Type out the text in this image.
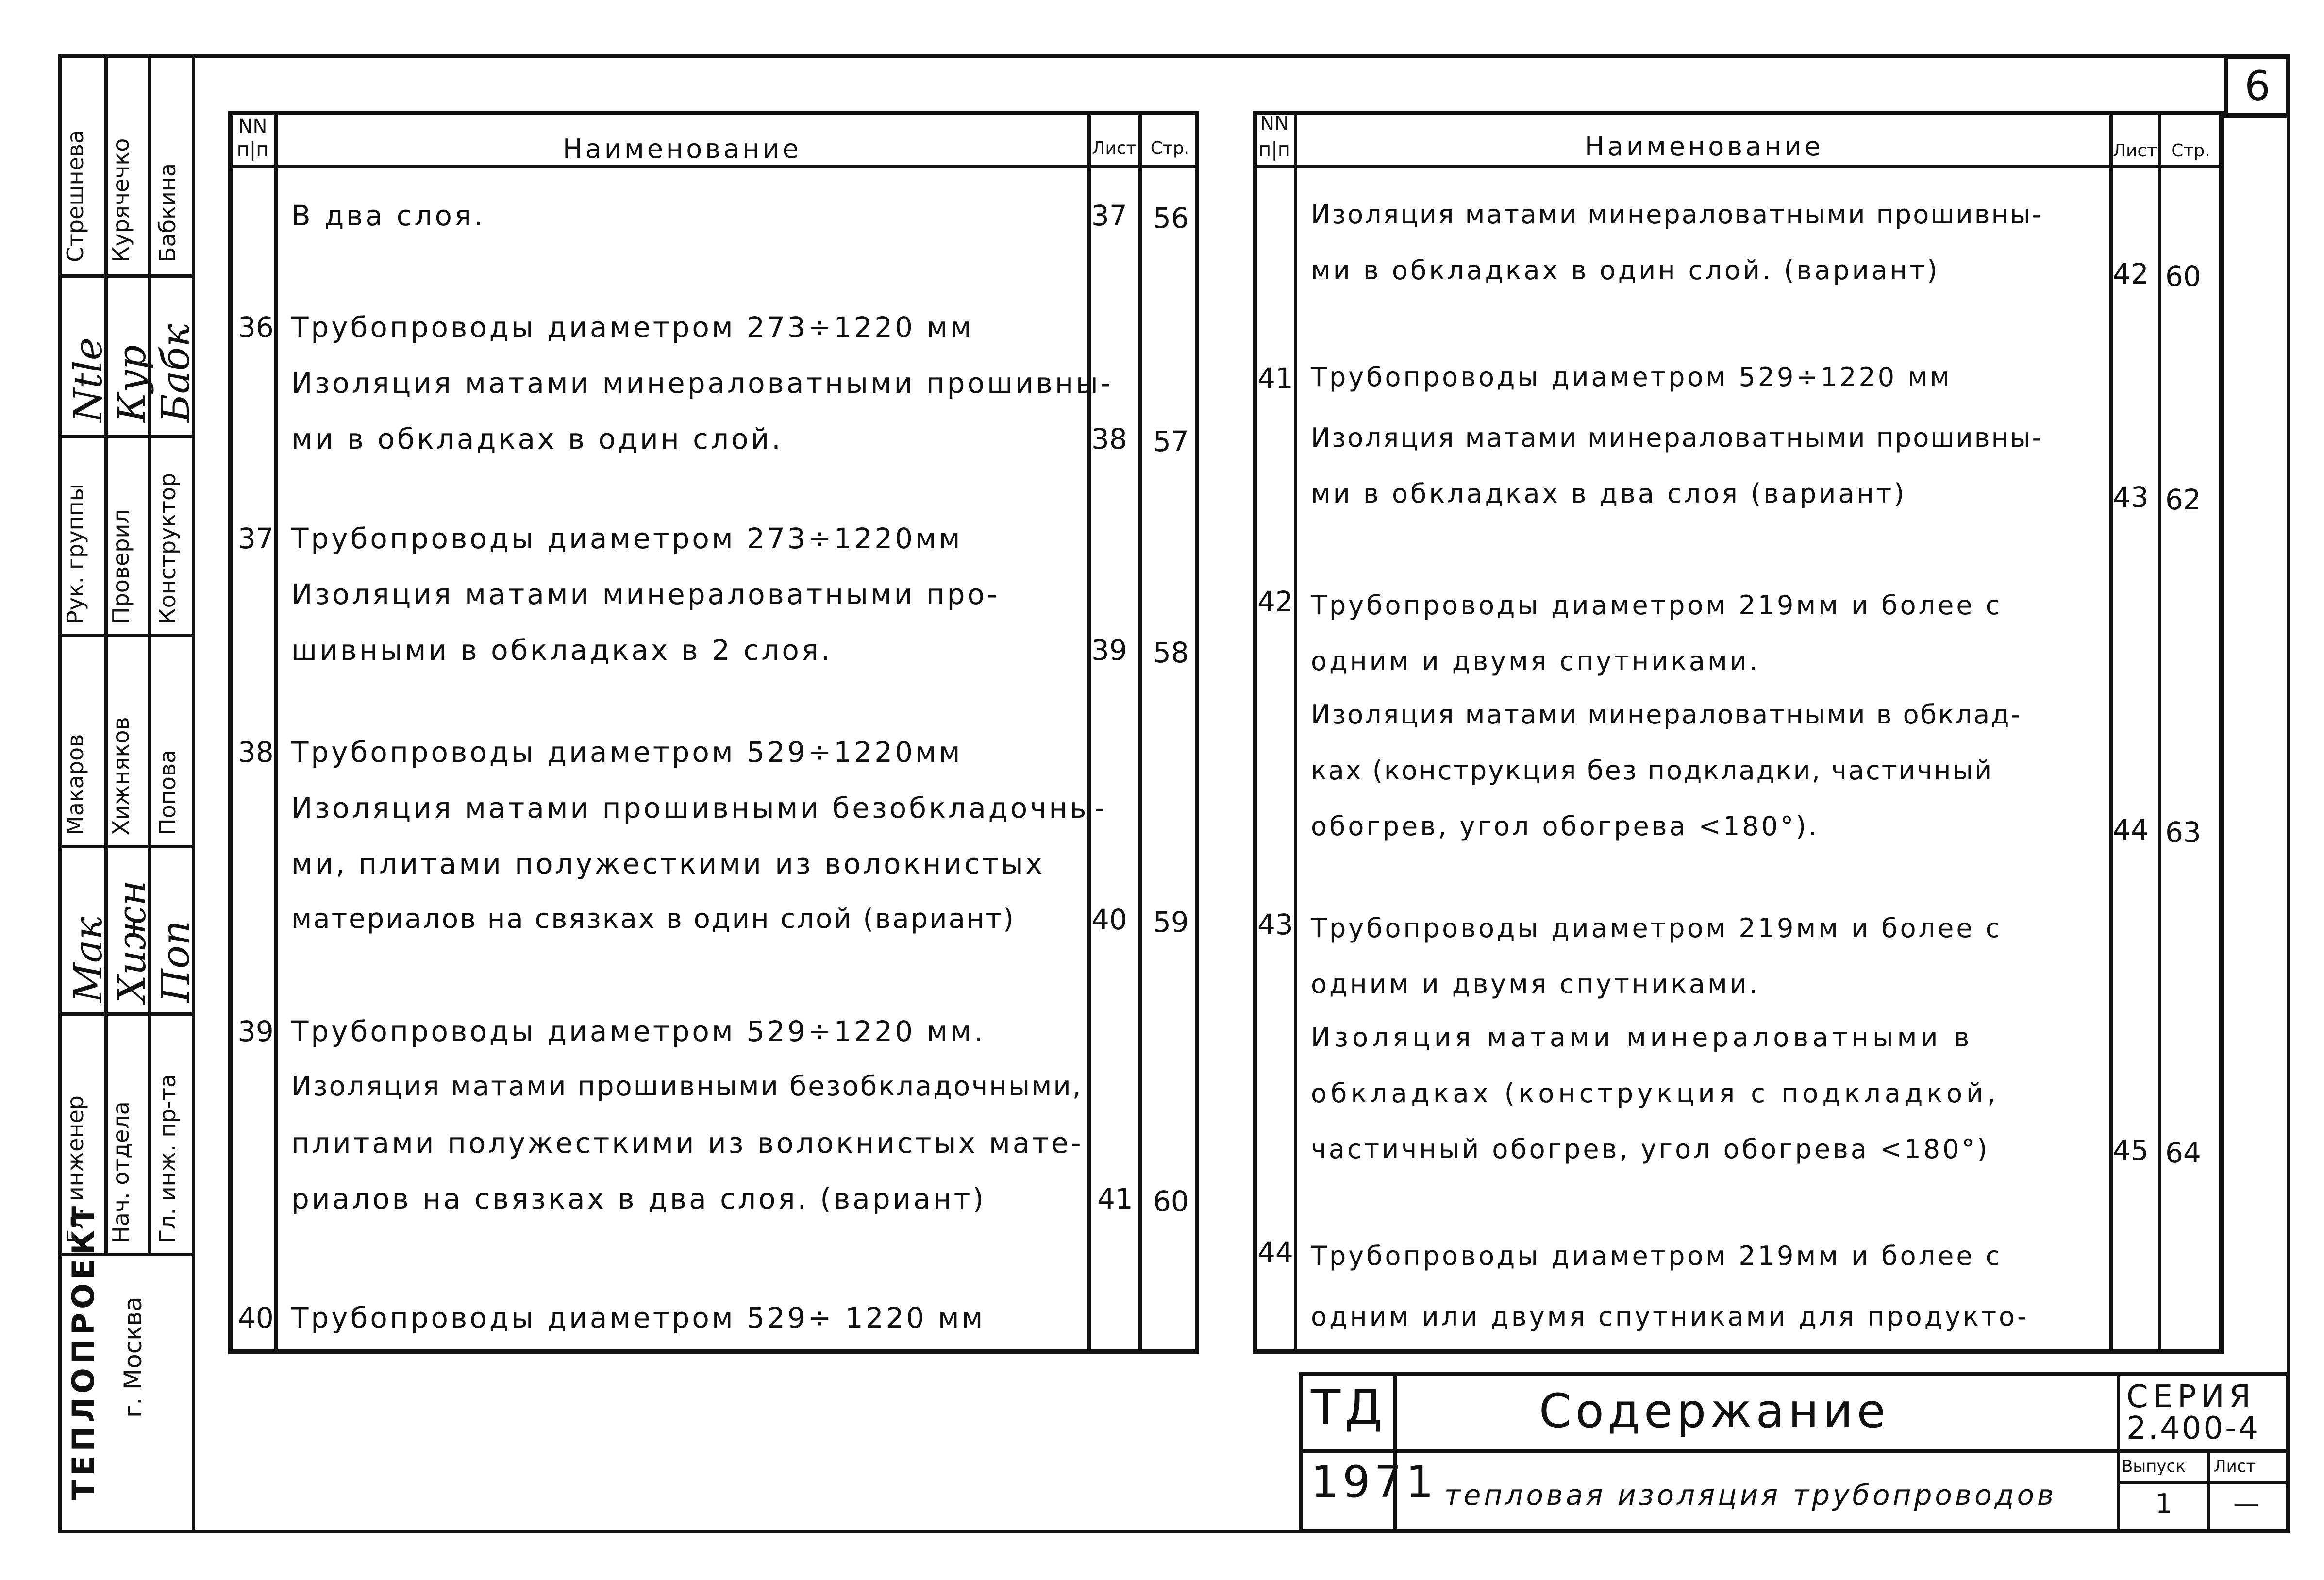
6
Стрешнева Курячечко Бабкина
Ntle
Кур
Бабк
Рук. группы Проверил Конструктор
Макаров Хижняков Попова
Мак
Хижн
Поп
Гл. инженер Нач. отдела Гл. инж. пр-та
ТЕПЛОПРОЕКТ г. Москва
NN
п|п	Наименование	Лист Стр.
В два слоя.	37 56
36 Трубопроводы диаметром 273÷1220 мм
Изоляция матами минераловатными прошивны-
ми в обкладках в один слой.	38 57
37 Трубопроводы диаметром 273÷1220мм
Изоляция матами минераловатными про-
шивными в обкладках в 2 слоя.	39 58
38 Трубопроводы диаметром 529÷1220мм
Изоляция матами прошивными безобкладочны-
ми, плитами полужесткими из волокнистых
материалов на связках в один слой (вариант)	40 59
39 Трубопроводы диаметром 529÷1220 мм.
Изоляция матами прошивными безобкладочными,
плитами полужесткими из волокнистых мате-
риалов на связках в два слоя. (вариант)	41 60
40 Трубопроводы диаметром 529÷ 1220 мм
NN
п|п	Наименование	Лист Стр.
Изоляция матами минераловатными прошивны-
ми в обкладках в один слой. (вариант)	42 60
41 Трубопроводы диаметром 529÷1220 мм
Изоляция матами минераловатными прошивны-
ми в обкладках в два слоя (вариант)	43 62
42 Трубопроводы диаметром 219мм и более с
одним и двумя спутниками.
Изоляция матами минераловатными в обклад-
ках (конструкция без подкладки, частичный
обогрев, угол обогрева <180°).	44 63
43 Трубопроводы диаметром 219мм и более с
одним и двумя спутниками.
Изоляция матами минераловатными в
обкладках (конструкция с подкладкой,
частичный обогрев, угол обогрева <180°)	45 64
44 Трубопроводы диаметром 219мм и более с
одним или двумя спутниками для продукто-
ТД
1971
Содержание
тепловая изоляция трубопроводов
СЕРИЯ
2.400-4
Выпуск
1
Лист
—
